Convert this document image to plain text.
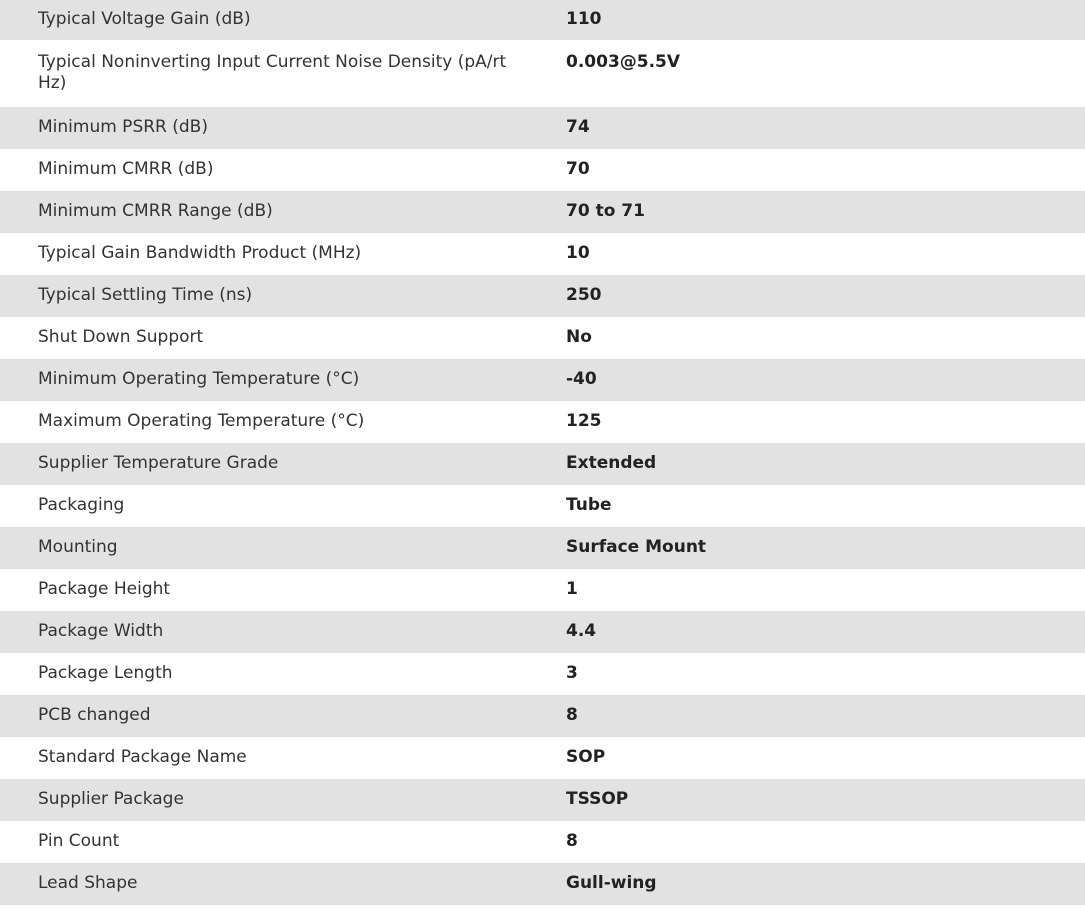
Typical Voltage Gain (dB)	110
Typical Noninverting Input Current Noise Density (pA/rt Hz)	0.003@5.5V
Minimum PSRR (dB)	74
Minimum CMRR (dB)	70
Minimum CMRR Range (dB)	70 to 71
Typical Gain Bandwidth Product (MHz)	10
Typical Settling Time (ns)	250
Shut Down Support	No
Minimum Operating Temperature (°C)	-40
Maximum Operating Temperature (°C)	125
Supplier Temperature Grade	Extended
Packaging	Tube
Mounting	Surface Mount
Package Height	1
Package Width	4.4
Package Length	3
PCB changed	8
Standard Package Name	SOP
Supplier Package	TSSOP
Pin Count	8
Lead Shape	Gull-wing
